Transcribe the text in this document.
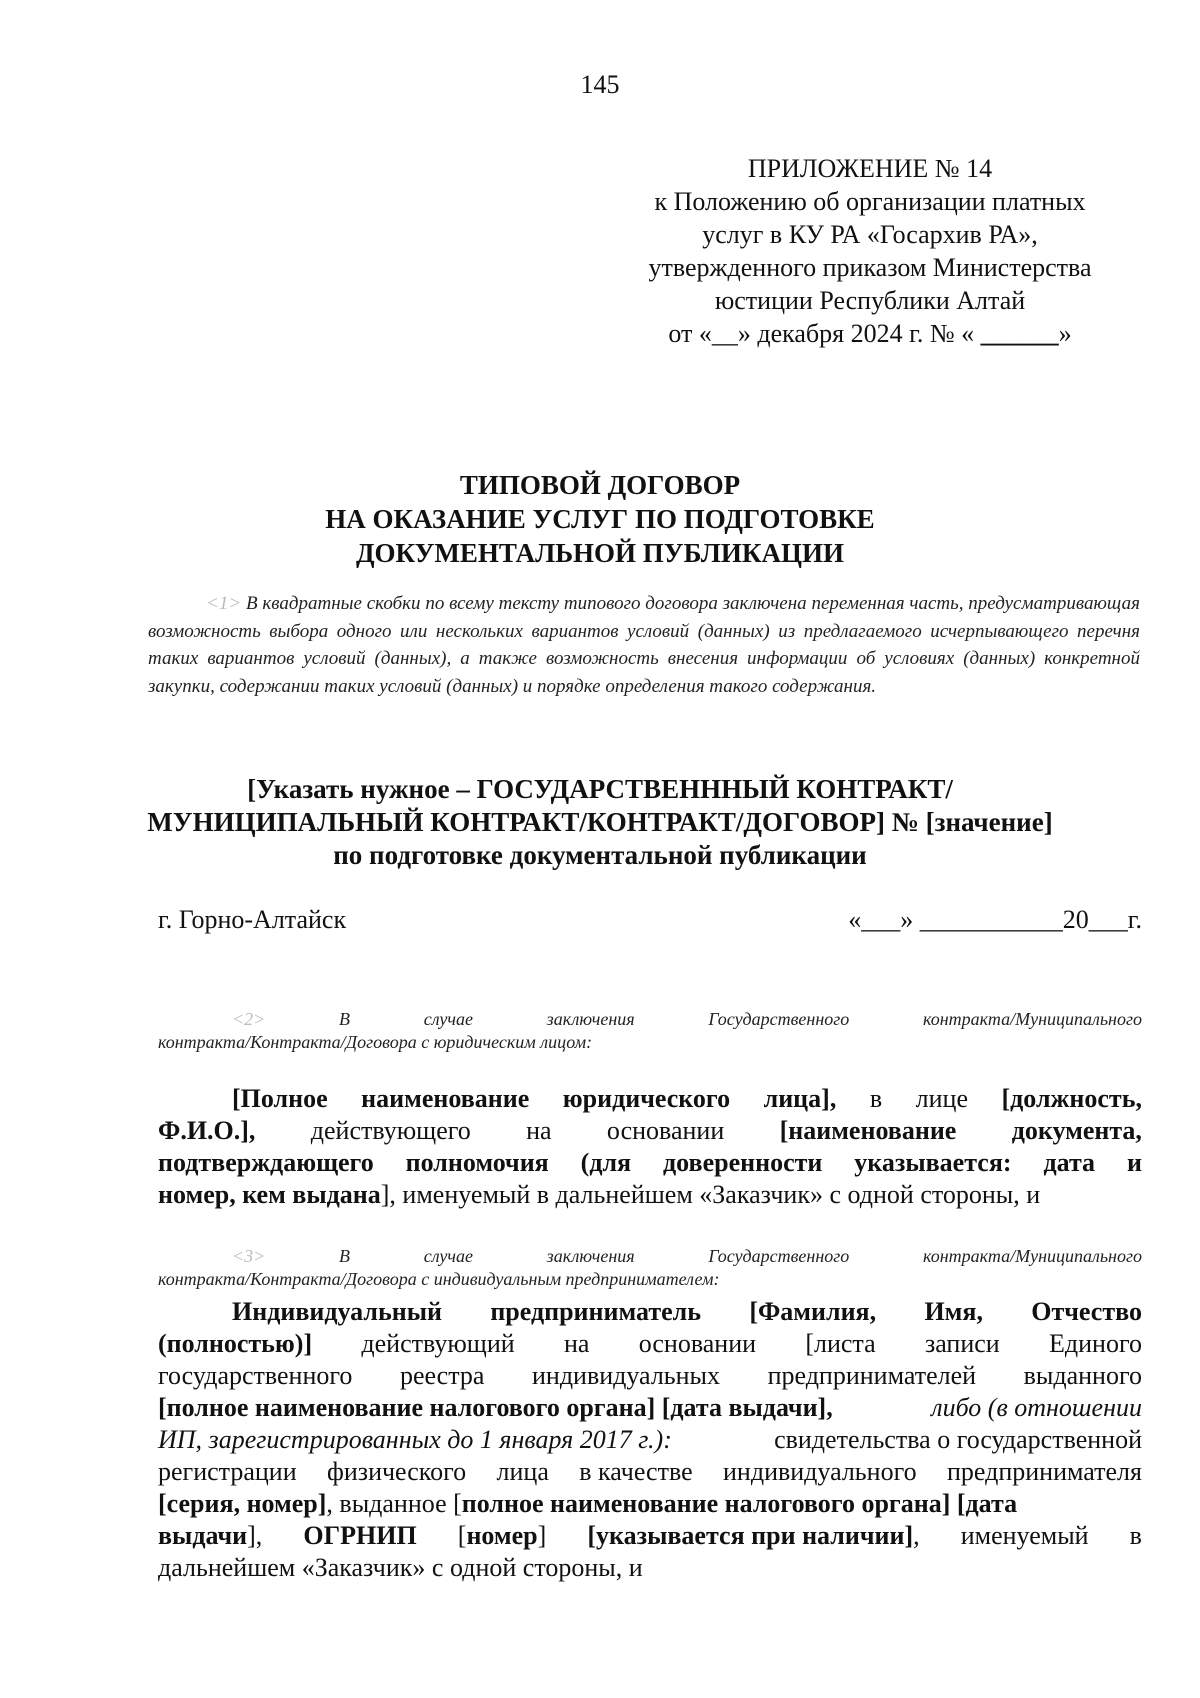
145
ПРИЛОЖЕНИЕ № 14
к Положению об организации платных
услуг в КУ РА «Госархив РА»,
утвержденного приказом Министерства
юстиции Республики Алтай
от «__» декабря 2024 г. № « ______»
ТИПОВОЙ ДОГОВОР
НА ОКАЗАНИЕ УСЛУГ ПО ПОДГОТОВКЕ
ДОКУМЕНТАЛЬНОЙ ПУБЛИКАЦИИ
<1> В квадратные скобки по всему тексту типового договора заключена переменная часть, предусматривающая возможность выбора одного или нескольких вариантов условий (данных) из предлагаемого исчерпывающего перечня таких вариантов условий (данных), а также возможность внесения информации об условиях (данных) конкретной закупки, содержании таких условий (данных) и порядке определения такого содержания.
[Указать нужное – ГОСУДАРСТВЕНННЫЙ КОНТРАКТ/
МУНИЦИПАЛЬНЫЙ КОНТРАКТ/КОНТРАКТ/ДОГОВОР] № [значение]
по подготовке документальной публикации
г. Горно-Алтайск	«___» ___________20___г.
<2>	В	случае	заключения	Государственного	контракта/Муниципального
контракта/Контракта/Договора с юридическим лицом:
[Полное наименование юридического лица], в лице [должность,
Ф.И.О.], действующего на основании [наименование документа,
подтверждающего полномочия (для доверенности указывается: дата и
номер, кем выдана], именуемый в дальнейшем «Заказчик» с одной стороны, и
<3>	В	случае	заключения	Государственного	контракта/Муниципального
контракта/Контракта/Договора с индивидуальным предпринимателем:
Индивидуальный предприниматель [Фамилия, Имя, Отчество
(полностью)] действующий на основании [листа записи Единого
государственного реестра индивидуальных предпринимателей выданного
[полное наименование налогового органа] [дата выдачи],	либо (в отношении
ИП, зарегистрированных до 1 января 2017 г.):	свидетельства о государственной
регистрации физического лица в качестве индивидуального предпринимателя
[серия, номер], выданное [полное наименование налогового органа] [дата
выдачи], ОГРНИП [номер] [указывается при наличии], именуемый в
дальнейшем «Заказчик» с одной стороны, и
